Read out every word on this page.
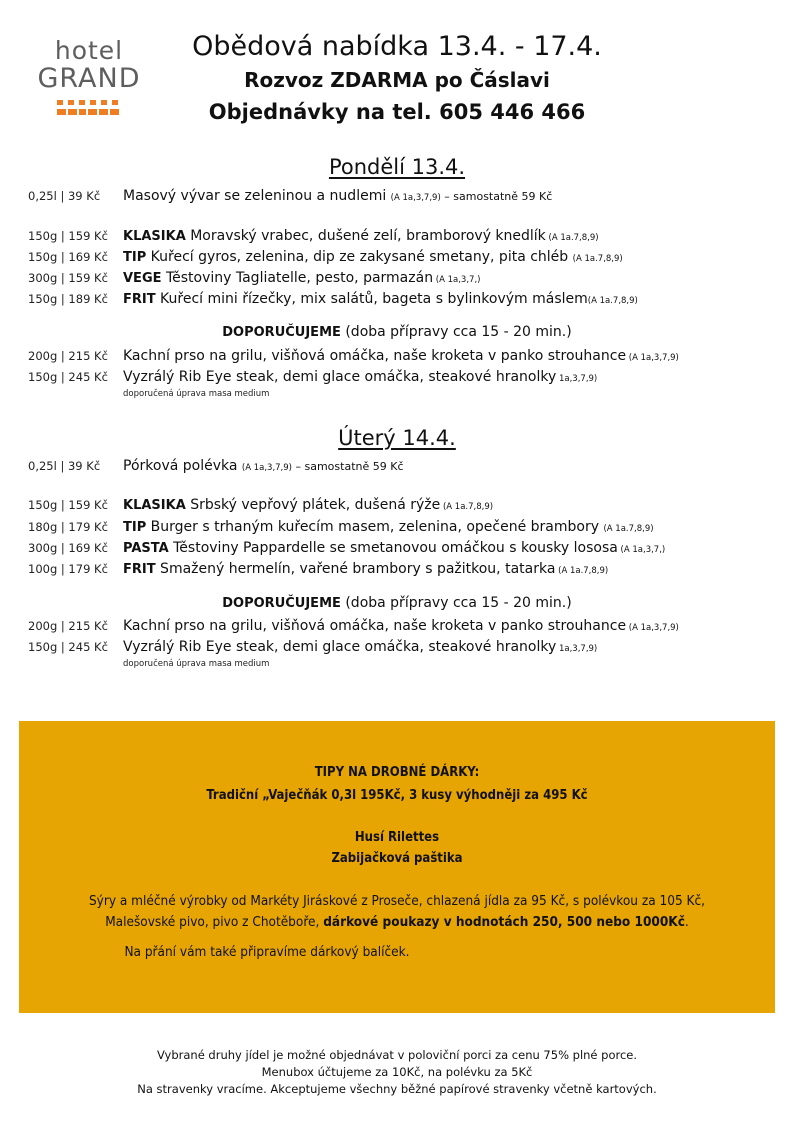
hotel
GRAND
Obědová nabídka 13.4. - 17.4.
Rozvoz ZDARMA po Čáslavi
Objednávky na tel. 605 446 466
Pondělí 13.4.
0,25l | 39 Kč Masový vývar se zeleninou a nudlemi (A 1a,3,7,9) – samostatně 59 Kč
150g | 159 Kč KLASIKA Moravský vrabec, dušené zelí, bramborový knedlík (A 1a.7,8,9)
150g | 169 Kč TIP Kuřecí gyros, zelenina, dip ze zakysané smetany, pita chléb (A 1a.7,8,9)
300g | 159 Kč VEGE Těstoviny Tagliatelle, pesto, parmazán (A 1a,3,7,)
150g | 189 Kč FRIT Kuřecí mini řízečky, mix salátů, bageta s bylinkovým máslem(A 1a.7,8,9)
DOPORUČUJEME (doba přípravy cca 15 - 20 min.)
200g | 215 Kč Kachní prso na grilu, višňová omáčka, naše kroketa v panko strouhance (A 1a,3,7,9)
150g | 245 Kč Vyzrálý Rib Eye steak, demi glace omáčka, steakové hranolky 1a,3,7,9)
doporučená úprava masa medium
Úterý 14.4.
0,25l | 39 Kč Pórková polévka (A 1a,3,7,9) – samostatně 59 Kč
150g | 159 Kč KLASIKA Srbský vepřový plátek, dušená rýže (A 1a.7,8,9)
180g | 179 Kč TIP Burger s trhaným kuřecím masem, zelenina, opečené brambory (A 1a.7,8,9)
300g | 169 Kč PASTA Těstoviny Pappardelle se smetanovou omáčkou s kousky lososa (A 1a,3,7,)
100g | 179 Kč FRIT Smažený hermelín, vařené brambory s pažitkou, tatarka (A 1a.7,8,9)
DOPORUČUJEME (doba přípravy cca 15 - 20 min.)
200g | 215 Kč Kachní prso na grilu, višňová omáčka, naše kroketa v panko strouhance (A 1a,3,7,9)
150g | 245 Kč Vyzrálý Rib Eye steak, demi glace omáčka, steakové hranolky 1a,3,7,9)
doporučená úprava masa medium
TIPY NA DROBNÉ DÁRKY:
Tradiční „Vaječňák 0,3l 195Kč, 3 kusy výhodněji za 495 Kč
Husí Rilettes
Zabijačková paštika
Sýry a mléčné výrobky od Markéty Jiráskové z Proseče, chlazená jídla za 95 Kč, s polévkou za 105 Kč,
Malešovské pivo, pivo z Chotěboře, dárkové poukazy v hodnotách 250, 500 nebo 1000Kč.
Na přání vám také připravíme dárkový balíček.
Vybrané druhy jídel je možné objednávat v poloviční porci za cenu 75% plné porce.
Menubox účtujeme za 10Kč, na polévku za 5Kč
Na stravenky vracíme. Akceptujeme všechny běžné papírové stravenky včetně kartových.
